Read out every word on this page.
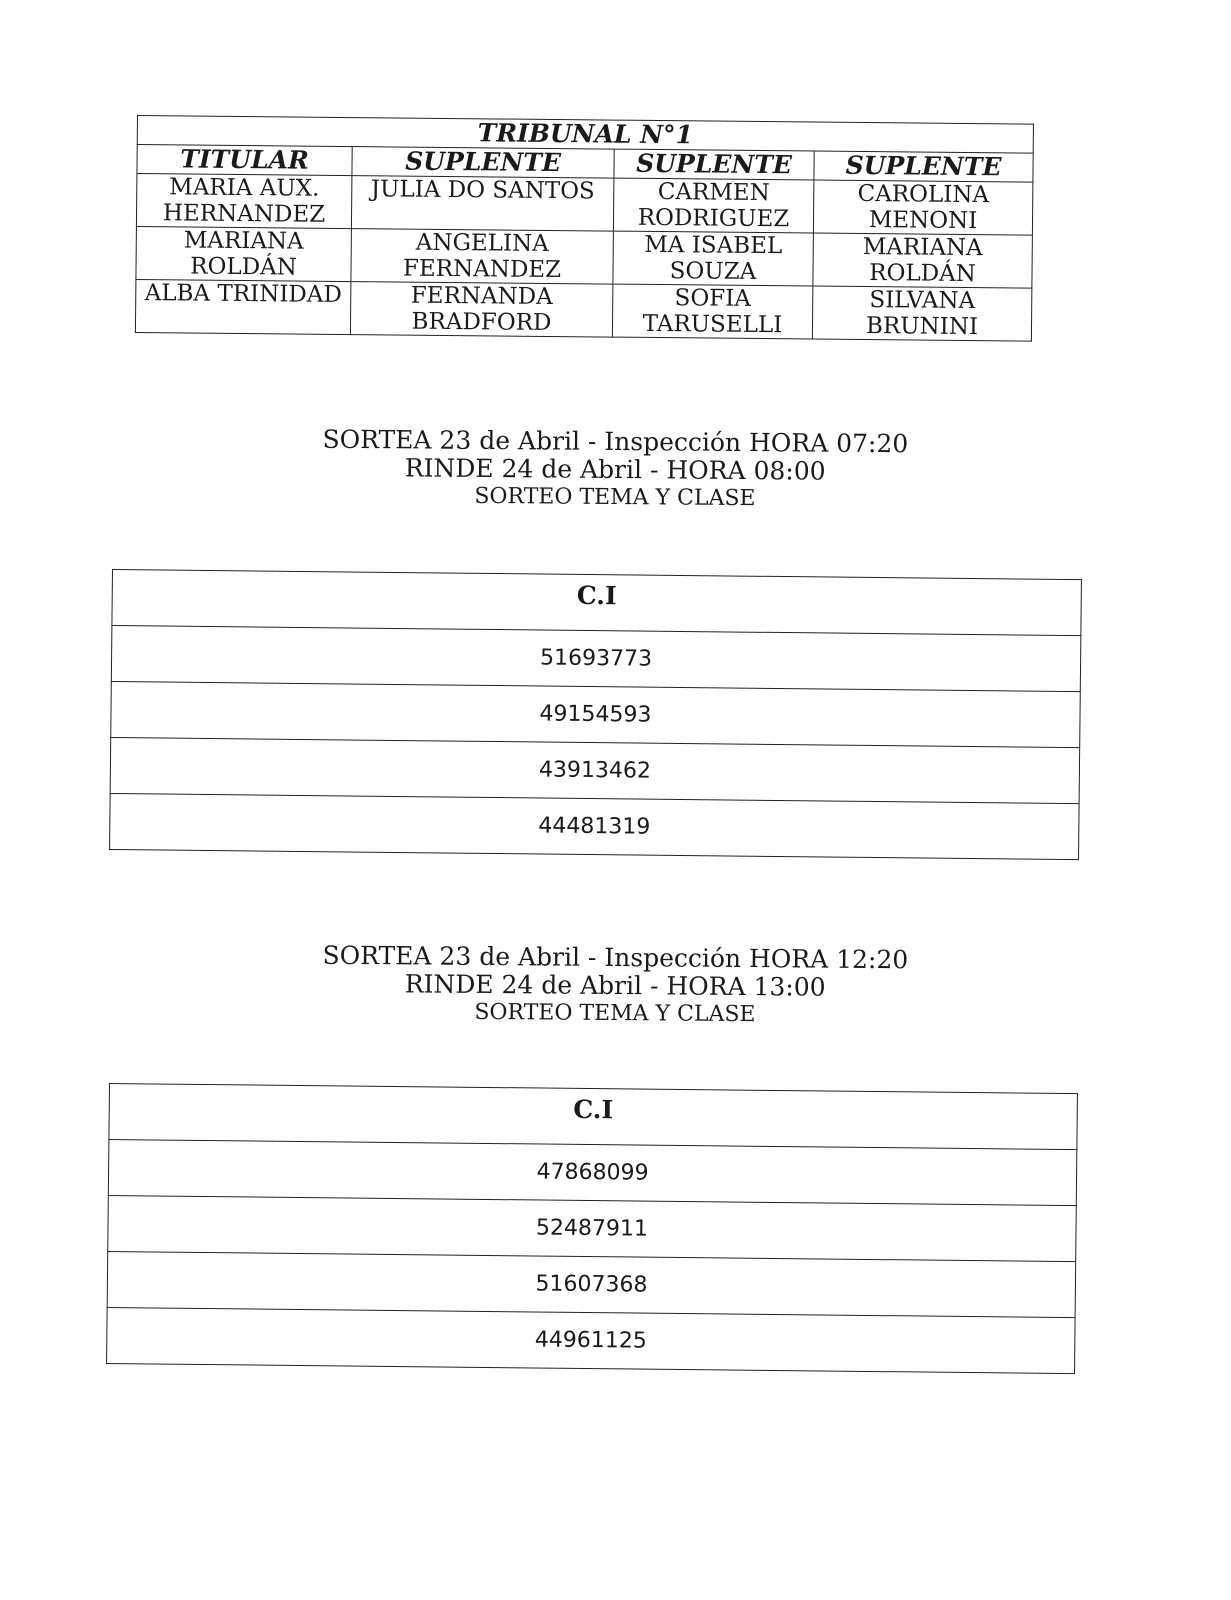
TRIBUNAL N°1			
TITULAR	SUPLENTE	SUPLENTE	SUPLENTE
MARIA AUX. HERNANDEZ	JULIA DO SANTOS	CARMEN RODRIGUEZ	CAROLINA MENONI
MARIANA ROLDÁN	ANGELINA FERNANDEZ	MA ISABEL SOUZA	MARIANA ROLDÁN
ALBA TRINIDAD	FERNANDA BRADFORD	SOFIA TARUSELLI	SILVANA BRUNINI
SORTEA 23 de Abril - Inspección HORA 07:20
RINDE 24 de Abril - HORA 08:00
SORTEO TEMA Y CLASE
C.I
51693773
49154593
43913462
44481319
SORTEA 23 de Abril - Inspección HORA 12:20
RINDE 24 de Abril - HORA 13:00
SORTEO TEMA Y CLASE
C.I
47868099
52487911
51607368
44961125
